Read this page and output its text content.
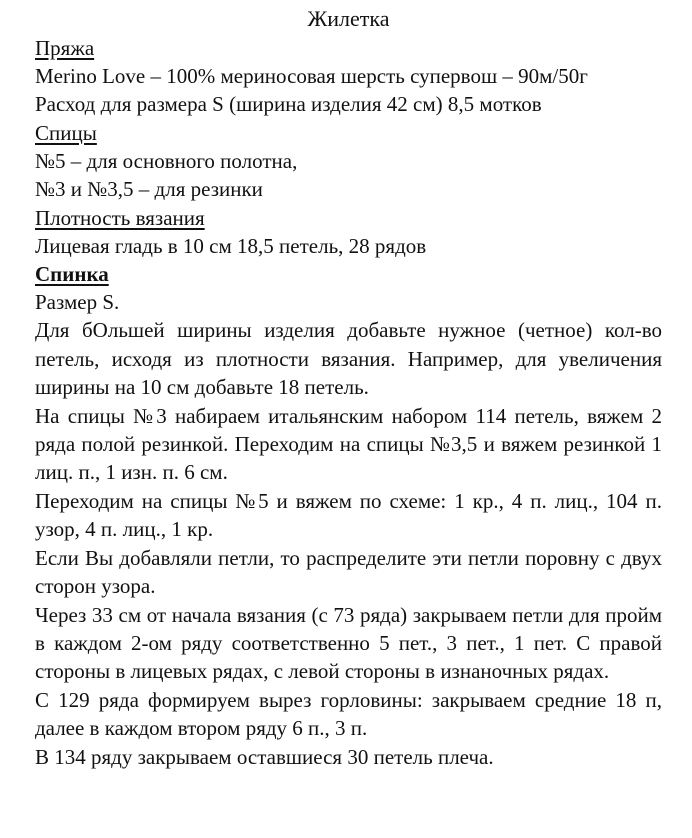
Жилетка
Пряжа

Merino Love – 100% мериносовая шерсть супервош – 90м/50г

Расход для размера S (ширина изделия 42 см) 8,5 мотков

Спицы

№5 – для основного полотна,

№3 и №3,5 – для резинки

Плотность вязания

Лицевая гладь в 10 см 18,5 петель, 28 рядов

Спинка

Размер S.

Для бОльшей ширины изделия добавьте нужное (четное) кол-во петель, исходя из плотности вязания. Например, для увеличения ширины на 10 см добавьте 18 петель.

На спицы №3 набираем итальянским набором 114 петель, вяжем 2 ряда полой резинкой. Переходим на спицы №3,5 и вяжем резинкой 1 лиц. п., 1 изн. п. 6 см.

Переходим на спицы №5 и вяжем по схеме: 1 кр., 4 п. лиц., 104 п. узор, 4 п. лиц., 1 кр.

Если Вы добавляли петли, то распределите эти петли поровну с двух сторон узора.

Через 33 см от начала вязания (с 73 ряда) закрываем петли для пройм в каждом 2-ом ряду соответственно 5 пет., 3 пет., 1 пет. С правой стороны в лицевых рядах, с левой стороны в изнаночных рядах.

С 129 ряда формируем вырез горловины: закрываем средние 18 п, далее в каждом втором ряду 6 п., 3 п.

В 134 ряду закрываем оставшиеся 30 петель плеча.
